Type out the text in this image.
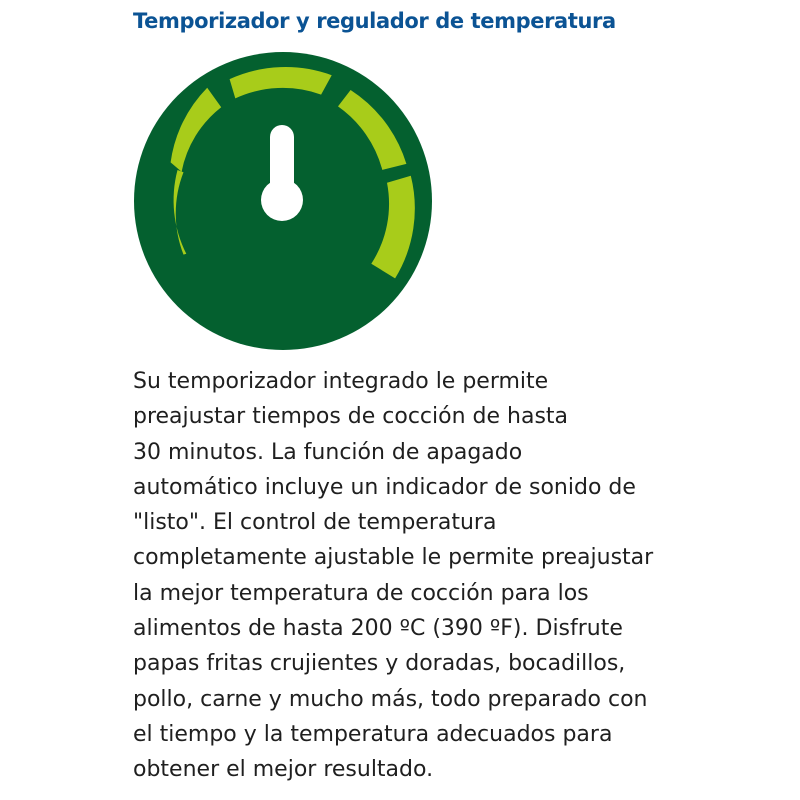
Temporizador y regulador de temperatura

Su temporizador integrado le permite
preajustar tiempos de cocción de hasta
30 minutos. La función de apagado
automático incluye un indicador de sonido de
"listo". El control de temperatura
completamente ajustable le permite preajustar
la mejor temperatura de cocción para los
alimentos de hasta 200 ºC (390 ºF). Disfrute
papas fritas crujientes y doradas, bocadillos,
pollo, carne y mucho más, todo preparado con
el tiempo y la temperatura adecuados para
obtener el mejor resultado.
